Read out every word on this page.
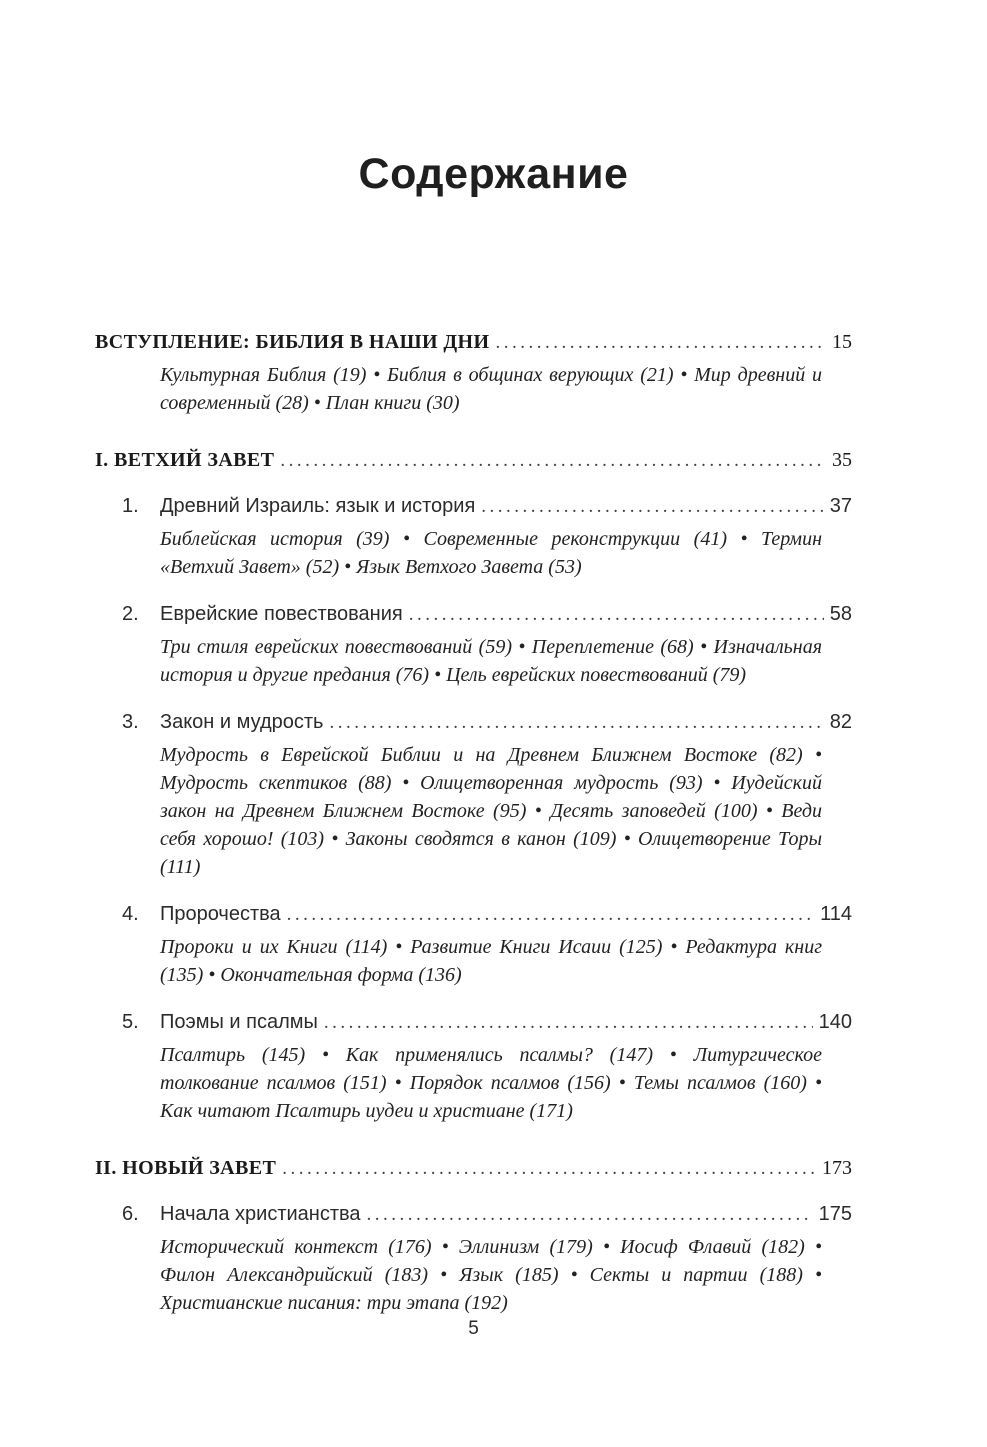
Содержание
ВСТУПЛЕНИЕ: БИБЛИЯ В НАШИ ДНИ .....	15
Культурная Библия (19) • Библия в общинах верующих (21) • Мир древний и современный (28) • План книги (30)
I. ВЕТХИЙ ЗАВЕТ .....	35
1.	Древний Израиль: язык и история .....	37
Библейская история (39) • Современные реконструкции (41) • Термин «Ветхий Завет» (52) • Язык Ветхого Завета (53)
2.	Еврейские повествования .....	58
Три стиля еврейских повествований (59) • Переплетение (68) • Изначальная история и другие предания (76) • Цель еврейских повествований (79)
3.	Закон и мудрость .....	82
Мудрость в Еврейской Библии и на Древнем Ближнем Востоке (82) • Мудрость скептиков (88) • Олицетворенная мудрость (93) • Иудейский закон на Древнем Ближнем Востоке (95) • Десять заповедей (100) • Веди себя хорошо! (103) • Законы сводятся в канон (109) • Олицетворение Торы (111)
4.	Пророчества .....	114
Пророки и их Книги (114) • Развитие Книги Исаии (125) • Редактура книг (135) • Окончательная форма (136)
5.	Поэмы и псалмы .....	140
Псалтирь (145) • Как применялись псалмы? (147) • Литургическое толкование псалмов (151) • Порядок псалмов (156) • Темы псалмов (160) • Как читают Псалтирь иудеи и христиане (171)
II. НОВЫЙ ЗАВЕТ .....	173
6.	Начала христианства .....	175
Исторический контекст (176) • Эллинизм (179) • Иосиф Флавий (182) • Филон Александрийский (183) • Язык (185) • Секты и партии (188) • Христианские писания: три этапа (192)
5
